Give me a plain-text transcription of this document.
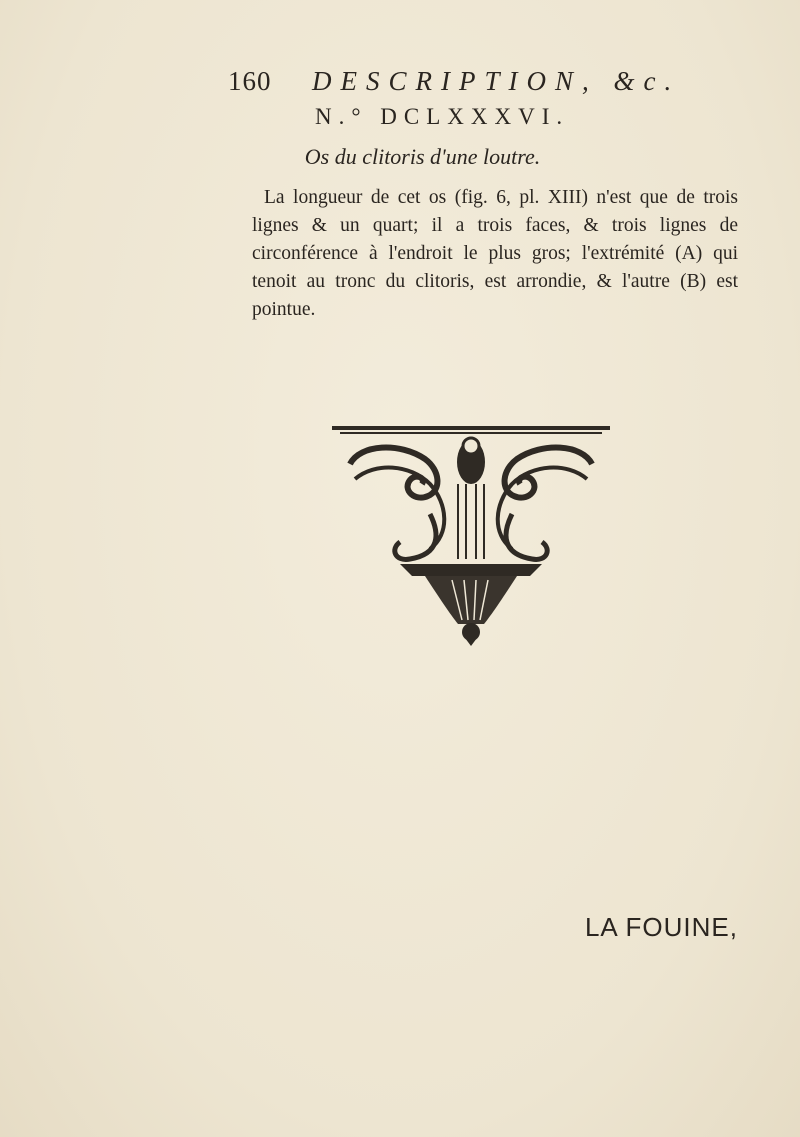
160 DESCRIPTION, &c.
N.° DCLXXXVI.
Os du clitoris d'une loutre.

La longueur de cet os (fig. 6, pl. XIII) n'est que de trois lignes & un quart; il a trois faces, & trois lignes de circonférence à l'endroit le plus gros; l'extrémité (A) qui tenoit au tronc du clitoris, est arrondie, & l'autre (B) est pointue.

LA FOUINE,
